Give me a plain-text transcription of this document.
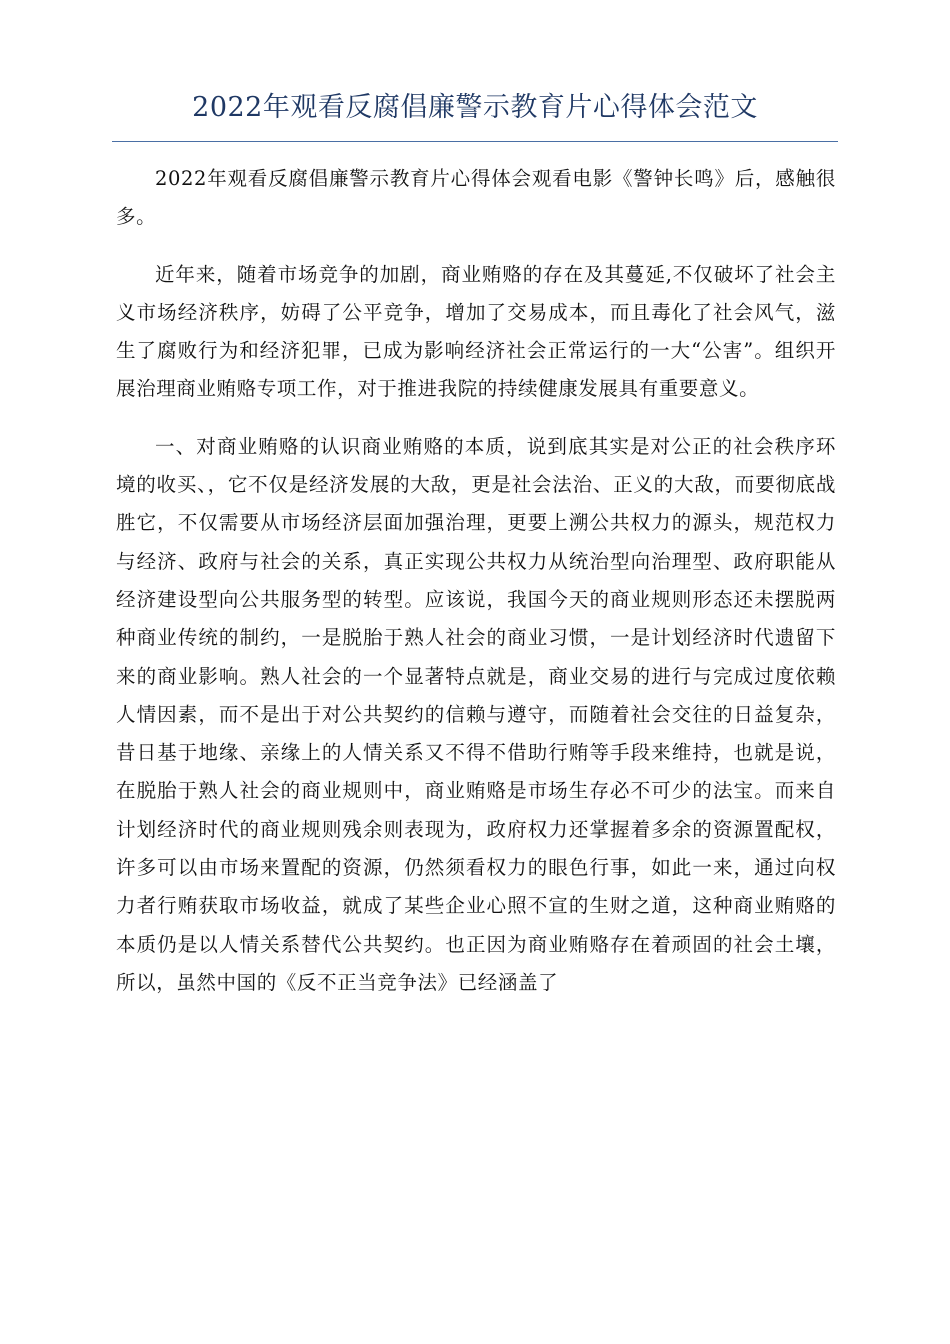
2022年观看反腐倡廉警示教育片心得体会范文

2022年观看反腐倡廉警示教育片心得体会观看电影《警钟长鸣》后，感触很多。

近年来，随着市场竞争的加剧，商业贿赂的存在及其蔓延,不仅破坏了社会主义市场经济秩序，妨碍了公平竞争，增加了交易成本，而且毒化了社会风气，滋生了腐败行为和经济犯罪，已成为影响经济社会正常运行的一大“公害”。组织开展治理商业贿赂专项工作，对于推进我院的持续健康发展具有重要意义。

一、对商业贿赂的认识商业贿赂的本质，说到底其实是对公正的社会秩序环境的收买、，它不仅是经济发展的大敌，更是社会法治、正义的大敌，而要彻底战胜它，不仅需要从市场经济层面加强治理，更要上溯公共权力的源头，规范权力与经济、政府与社会的关系，真正实现公共权力从统治型向治理型、政府职能从经济建设型向公共服务型的转型。应该说，我国今天的商业规则形态还未摆脱两种商业传统的制约，一是脱胎于熟人社会的商业习惯，一是计划经济时代遗留下来的商业影响。熟人社会的一个显著特点就是，商业交易的进行与完成过度依赖人情因素，而不是出于对公共契约的信赖与遵守，而随着社会交往的日益复杂，昔日基于地缘、亲缘上的人情关系又不得不借助行贿等手段来维持，也就是说，在脱胎于熟人社会的商业规则中，商业贿赂是市场生存必不可少的法宝。而来自计划经济时代的商业规则残余则表现为，政府权力还掌握着多余的资源置配权，许多可以由市场来置配的资源，仍然须看权力的眼色行事，如此一来，通过向权力者行贿获取市场收益，就成了某些企业心照不宣的生财之道，这种商业贿赂的本质仍是以人情关系替代公共契约。也正因为商业贿赂存在着顽固的社会土壤，所以，虽然中国的《反不正当竞争法》已经涵盖了
